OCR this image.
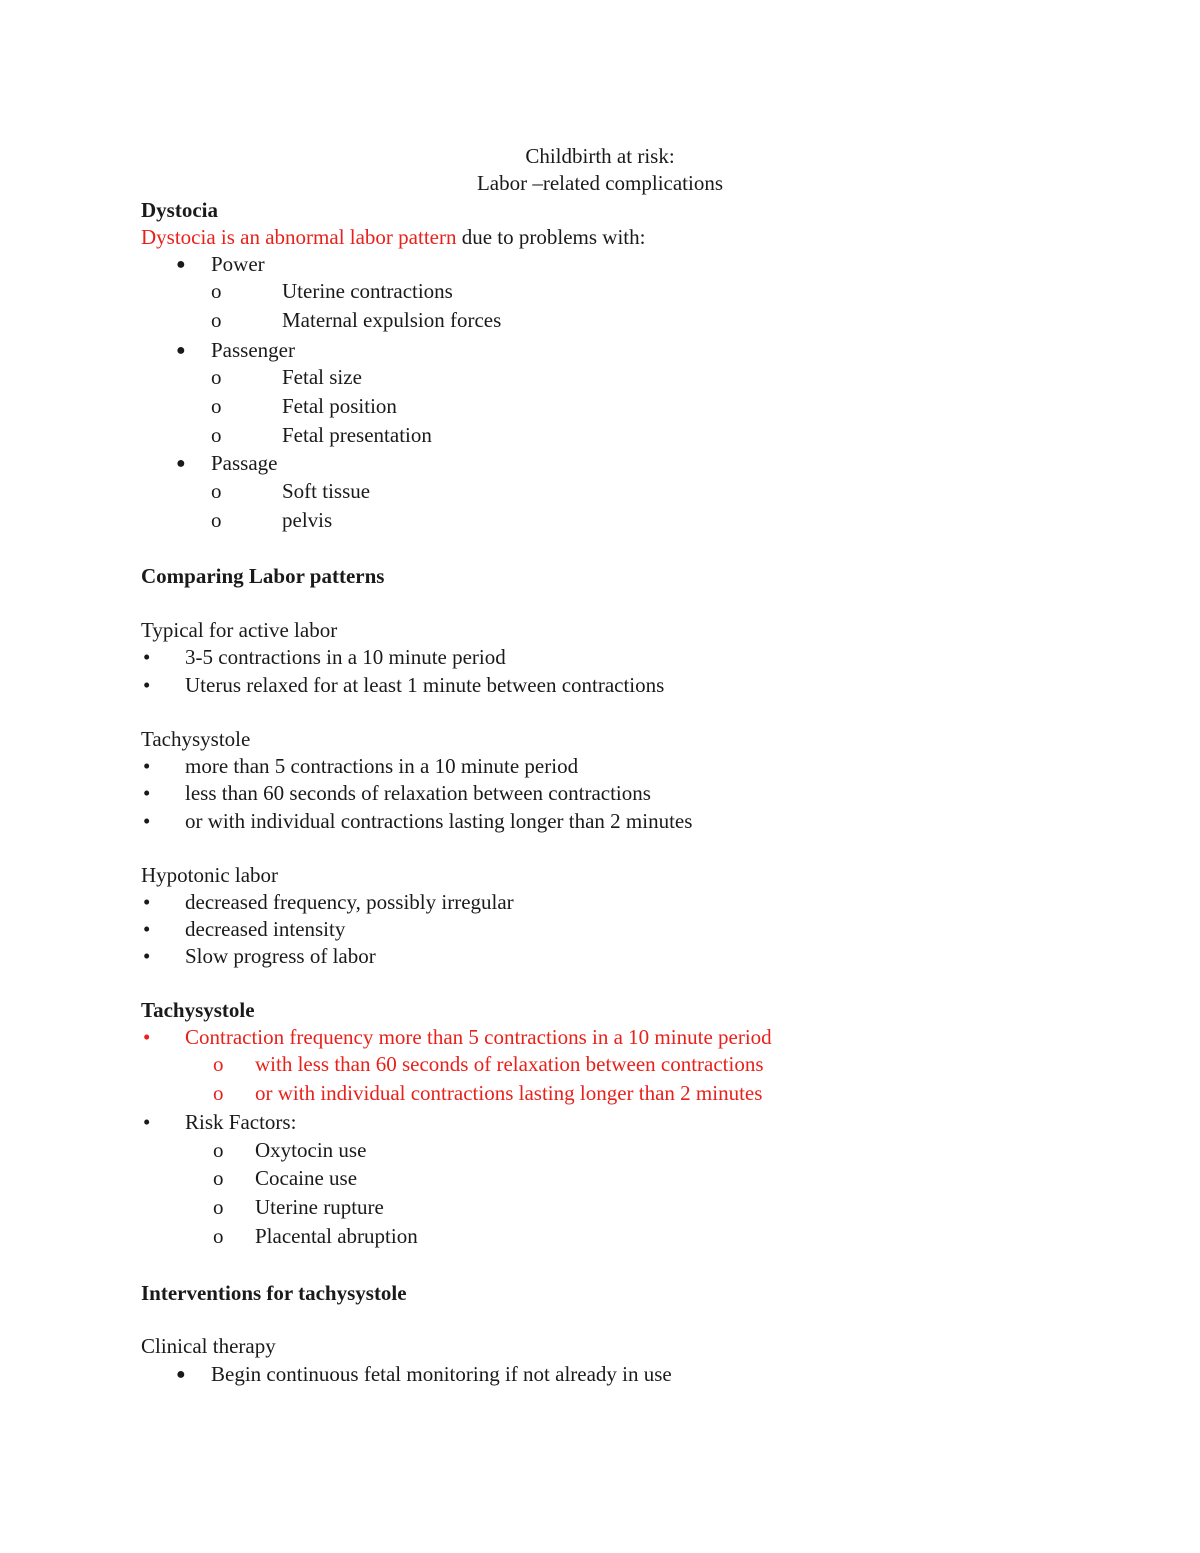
Childbirth at risk:
Labor –related complications
Dystocia
Dystocia is an abnormal labor pattern due to problems with:
● Power
o	Uterine contractions
o	Maternal expulsion forces
● Passenger
o	Fetal size
o	Fetal position
o	Fetal presentation
● Passage
o	Soft tissue
o	pelvis
Comparing Labor patterns
Typical for active labor
• 3-5 contractions in a 10 minute period
• Uterus relaxed for at least 1 minute between contractions
Tachysystole
• more than 5 contractions in a 10 minute period
• less than 60 seconds of relaxation between contractions
• or with individual contractions lasting longer than 2 minutes
Hypotonic labor
• decreased frequency, possibly irregular
• decreased intensity
• Slow progress of labor
Tachysystole
• Contraction frequency more than 5 contractions in a 10 minute period
o with less than 60 seconds of relaxation between contractions
o or with individual contractions lasting longer than 2 minutes
• Risk Factors:
o Oxytocin use
o Cocaine use
o Uterine rupture
o Placental abruption
Interventions for tachysystole
Clinical therapy
● Begin continuous fetal monitoring if not already in use
